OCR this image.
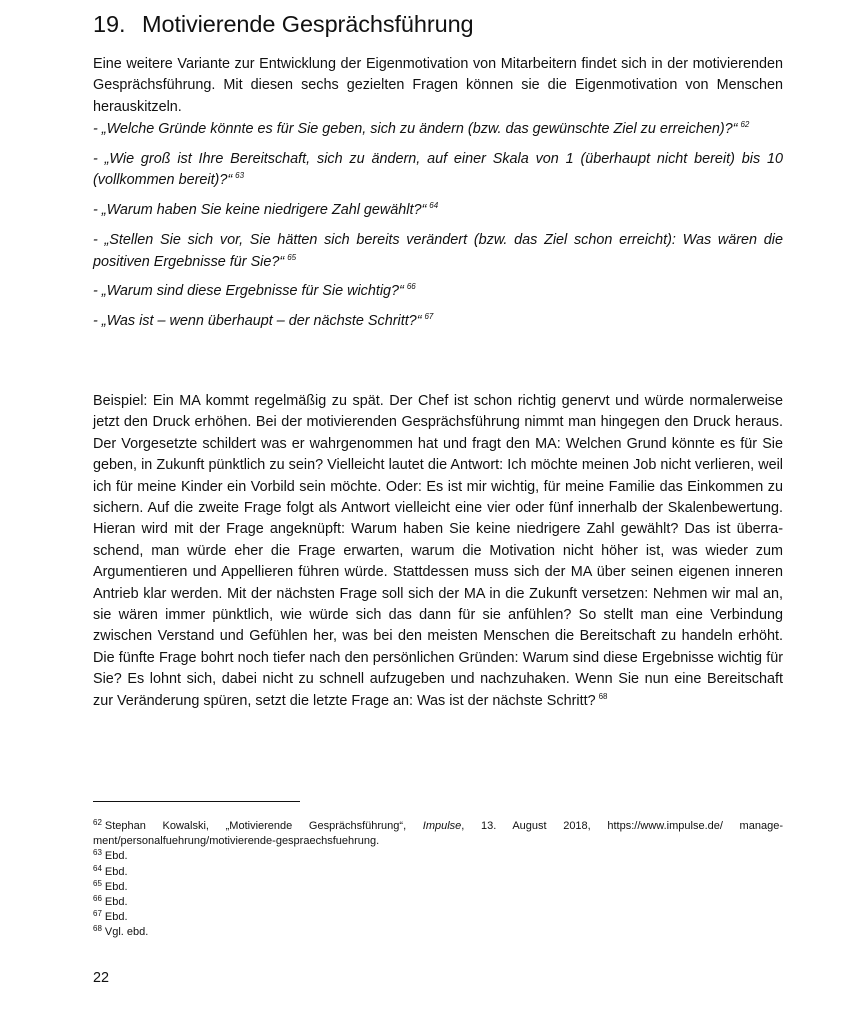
19. Motivierende Gesprächsführung

Eine weitere Variante zur Entwicklung der Eigenmotivation von Mitarbeitern findet sich in der motivierenden Gesprächsführung. Mit diesen sechs gezielten Fragen können sie die Eigenmotivation von Menschen herauskitzeln.

- „Welche Gründe könnte es für Sie geben, sich zu ändern (bzw. das gewünschte Ziel zu erreichen)?“ $^{62}$

- „Wie groß ist Ihre Bereitschaft, sich zu ändern, auf einer Skala von 1 (überhaupt nicht bereit) bis 10 (vollkommen bereit)?“ $^{63}$

- „Warum haben Sie keine niedrigere Zahl gewählt?“ $^{64}$

- „Stellen Sie sich vor, Sie hätten sich bereits verändert (bzw. das Ziel schon erreicht): Was wären die positiven Ergebnisse für Sie?“ $^{65}$

- „Warum sind diese Ergebnisse für Sie wichtig?“ $^{66}$

- „Was ist – wenn überhaupt – der nächste Schritt?“ $^{67}$

Beispiel: Ein MA kommt regelmäßig zu spät. Der Chef ist schon richtig genervt und würde normalerweise jetzt den Druck erhöhen. Bei der motivierenden Gesprächsführung nimmt man hingegen den Druck heraus. Der Vorgesetzte schildert was er wahrgenommen hat und fragt den MA: Welchen Grund könnte es für Sie geben, in Zukunft pünktlich zu sein? Vielleicht lautet die Antwort: Ich möchte meinen Job nicht verlieren, weil ich für meine Kinder ein Vorbild sein möchte. Oder: Es ist mir wichtig, für meine Familie das Einkommen zu sichern. Auf die zweite Frage folgt als Antwort vielleicht eine vier oder fünf innerhalb der Skalenbewertung. Hieran wird mit der Frage angeknüpft: Warum haben Sie keine niedrigere Zahl gewählt? Das ist überraschend, man würde eher die Frage erwarten, warum die Motivation nicht höher ist, was wieder zum Argumentieren und Appellieren führen würde. Stattdessen muss sich der MA über seinen eigenen inneren Antrieb klar werden. Mit der nächsten Frage soll sich der MA in die Zukunft versetzen: Nehmen wir mal an, sie wären immer pünktlich, wie würde sich das dann für sie anfühlen? So stellt man eine Verbindung zwischen Verstand und Gefühlen her, was bei den meisten Menschen die Bereitschaft zu handeln erhöht. Die fünfte Frage bohrt noch tiefer nach den persönlichen Gründen: Warum sind diese Ergebnisse wichtig für Sie? Es lohnt sich, dabei nicht zu schnell aufzugeben und nachzuhaken. Wenn Sie nun eine Bereitschaft zur Veränderung spüren, setzt die letzte Frage an: Was ist der nächste Schritt? $^{68}$

$^{62}$ Stephan Kowalski, „Motivierende Gesprächsführung“, Impulse, 13. August 2018, https://www.impulse.de/ management/personalfuehrung/motivierende-gespraechsfuehrung.

$^{63}$ Ebd.

$^{64}$ Ebd.

$^{65}$ Ebd.

$^{66}$ Ebd.

$^{67}$ Ebd.

$^{68}$ Vgl. ebd.

22
